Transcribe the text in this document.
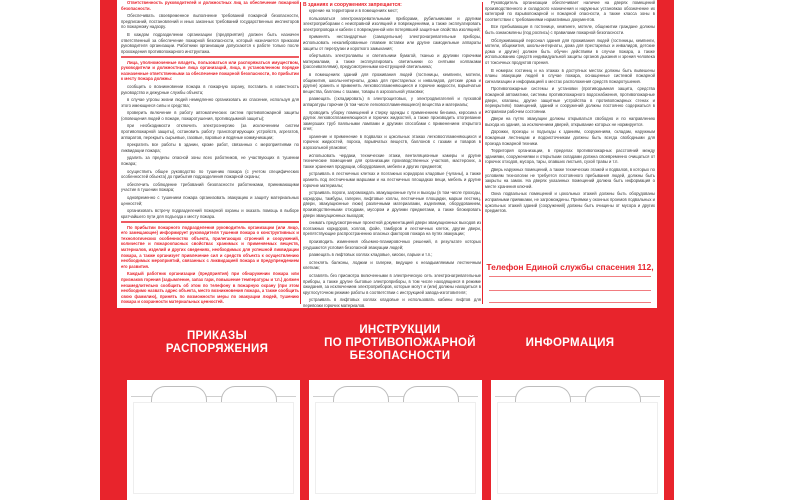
Ответственность руководителей и должностных лиц за обеспечение пожарной безопасности.

Обеспечивать своевременное выполнение требований пожарной безопасности, предписаний, постановлений и иных законных требований государственных инспекторов по пожарному надзору.

В каждом подразделении организации (предприятия) должен быть назначен ответственный за обеспечение пожарной безопасности, который назначается приказом руководителя организации. Работники организации допускаются к работе только после прохождения противопожарного инструктажа.

Лица, уполномоченные владеть, пользоваться или распоряжаться имуществом, руководители и должностные лица организаций, лица, в установленном порядке назначенные ответственными за обеспечение пожарной безопасности, по прибытии к месту пожара должны:

сообщить о возникновении пожара в пожарную охрану, поставить в известность руководство и дежурные службы объекта;

в случае угрозы жизни людей немедленно организовать их спасение, используя для этого имеющиеся силы и средства;

проверить включение в работу автоматических систем противопожарной защиты (оповещения людей о пожаре, пожаротушения, противодымной защиты);

при необходимости отключить электроэнергию (за исключением систем противопожарной защиты), остановить работу транспортирующих устройств, агрегатов, аппаратов, перекрыть сырьевые, газовые, паровые и водяные коммуникации;

прекратить все работы в здании, кроме работ, связанных с мероприятиями по ликвидации пожара;

удалить за пределы опасной зоны всех работников, не участвующих в тушении пожара;

осуществить общее руководство по тушению пожара (с учетом специфических особенностей объекта) до прибытия подразделения пожарной охраны;

обеспечить соблюдение требований безопасности работниками, принимающими участие в тушении пожара;

одновременно с тушением пожара организовать эвакуацию и защиту материальных ценностей;

организовать встречу подразделений пожарной охраны и оказать помощь в выборе кратчайшего пути для подъезда к месту пожара.

По прибытии пожарного подразделения руководитель организации (или лицо, его замещающее) информирует руководителя тушения пожара о конструктивных и технологических особенностях объекта, прилегающих строений и сооружений, количестве и пожароопасных свойствах хранимых и применяемых веществ, материалов, изделий и других сведениях, необходимых для успешной ликвидации пожара, а также организует привлечение сил и средств объекта к осуществлению необходимых мероприятий, связанных с ликвидацией пожара и предупреждением его развития.

Каждый работник организации (предприятия) при обнаружении пожара или признаков горения (задымление, запах гари, повышение температуры и т.п.) должен незамедлительно сообщить об этом по телефону в пожарную охрану (при этом необходимо назвать адрес объекта, место возникновения пожара, а также сообщить свою фамилию), принять по возможности меры по эвакуации людей, тушению пожара и сохранности материальных ценностей.

В зданиях и сооружениях запрещается:

курение на территории и в помещениях мест;

пользоваться электронагревательными приборами, рубильниками и другими электроприборами с неисправной изоляцией и повреждениями, а также эксплуатировать электропровода и кабели с поврежденной или потерявшей защитные свойства изоляцией;

применять нестандартные (самодельные) электронагревательные приборы, использовать некалиброванные плавкие вставки или другие самодельные аппараты защиты от перегрузки и короткого замыкания;

обертывать электролампы и светильники бумагой, тканью и другими горючими материалами, а также эксплуатировать светильники со снятыми колпаками (рассеивателями), предусмотренными конструкцией светильника;

в помещениях зданий для проживания людей (гостиницы, кемпинги, мотели, общежития, школы-интернаты, дома для престарелых и инвалидов, детские дома и другие) хранить и применять легковоспламеняющиеся и горючие жидкости, взрывчатые вещества, баллоны с газами, товары в аэрозольной упаковке;

размещать (складировать) в электрощитовых, у электродвигателей и пусковой аппаратуры горючие (в том числе легковоспламеняющиеся) вещества и материалы;

проводить уборку помещений и стирку одежды с применением бензина, керосина и других легковоспламеняющихся и горючих жидкостей, а также производить отогревание замерзших труб паяльными лампами и другими способами с применением открытого огня;

хранение и применение в подвалах и цокольных этажах легковоспламеняющихся и горючих жидкостей, пороха, взрывчатых веществ, баллонов с газами и товаров в аэрозольной упаковке;

использовать чердаки, технические этажи, вентиляционные камеры и другие технические помещения для организации производственных участков, мастерских, а также хранения продукции, оборудования, мебели и других предметов;

устраивать в лестничных клетках и поэтажных коридорах кладовые (чуланы), а также хранить под лестничными маршами и на лестничных площадках вещи, мебель и другие горючие материалы;

устраивать пороги, загромождать эвакуационные пути и выходы (в том числе проходы, коридоры, тамбуры, галереи, лифтовые холлы, лестничные площадки, марши лестниц, двери, эвакуационные люки) различными материалами, изделиями, оборудованием, производственными отходами, мусором и другими предметами, а также блокировать двери эвакуационных выходов;

снимать предусмотренные проектной документацией двери эвакуационных выходов из поэтажных коридоров, холлов, фойе, тамбуров и лестничных клеток, другие двери, препятствующие распространению опасных факторов пожара на путях эвакуации;

производить изменения объемно-планировочных решений, в результате которых ухудшаются условия безопасной эвакуации людей;

размещать в лифтовых холлах кладовые, киоски, ларьки и т.п.;

остеклять балконы, лоджии и галереи, ведущие к незадымляемым лестничным клеткам;

оставлять без присмотра включенными в электрическую сеть электронагревательные приборы, а также другие бытовые электроприборы, в том числе находящиеся в режиме ожидания, за исключением электроприборов, которые могут и (или) должны находиться в круглосуточном режиме работы в соответствии с инструкцией завода-изготовителя;

устраивать в лифтовых холлах кладовые и использовать кабины лифтов для перевозки горючих материалов.

Руководитель организации обеспечивает наличие на дверях помещений производственного и складского назначения и наружных установках обозначение их категорий по взрывопожарной и пожарной опасности, а также класса зоны в соответствии с требованиями нормативных документов.

Все пребывающие в гостинице, кемпинге, мотеле, общежитии граждане должны быть ознакомлены (под роспись) с правилами пожарной безопасности.

Обслуживающий персонал здания для проживания людей (гостиницы, кемпинги, мотели, общежития, школы-интернаты, дома для престарелых и инвалидов, детские дома и другие) должен быть обучен действиям в случае пожара, а также использованию средств индивидуальной защиты органов дыхания и зрения человека от токсичных продуктов горения.

В номерах гостиниц и на этажах в доступных местах должны быть вывешены планы эвакуации людей в случае пожара, оснащенные системой пожарной сигнализации и информацией о местах расположения средств пожаротушения.

Противопожарные системы и установки (противодымная защита, средства пожарной автоматики, системы противопожарного водоснабжения, противопожарные двери, клапаны, другие защитные устройства в противопожарных стенах и перекрытиях) помещений, зданий и сооружений должны постоянно содержаться в исправном рабочем состоянии.

Двери на путях эвакуации должны открываться свободно и по направлению выхода из здания, за исключением дверей, открывание которых не нормируется.

Дорожки, проезды и подъезды к зданиям, сооружениям, складам, наружным пожарным лестницам и водоисточникам должны быть всегда свободными для проезда пожарной техники.

Территория организации, в пределах противопожарных расстояний между зданиями, сооружениями и открытыми складами должна своевременно очищаться от горючих отходов, мусора, тары, опавших листьев, сухой травы и т.п.

Дверь наружных помещений, а также технических этажей и подвалов, в которых по условиям технологии не требуется постоянного пребывания людей, должны быть закрыты на замок. На дверях указанных помещений должна быть информация о месте хранения ключей.

Окна подвальных помещений и цокольных этажей должны быть оборудованы исправными приямками, не загромождены. Приямки у оконных проемов подвальных и цокольных этажей зданий (сооружений) должны быть очищены от мусора и других предметов.

Телефон Единой службы спасения 112,
ПРИКАЗЫ
РАСПОРЯЖЕНИЯ
ИНСТРУКЦИИ
ПО ПРОТИВОПОЖАРНОЙ
БЕЗОПАСНОСТИ
ИНФОРМАЦИЯ
